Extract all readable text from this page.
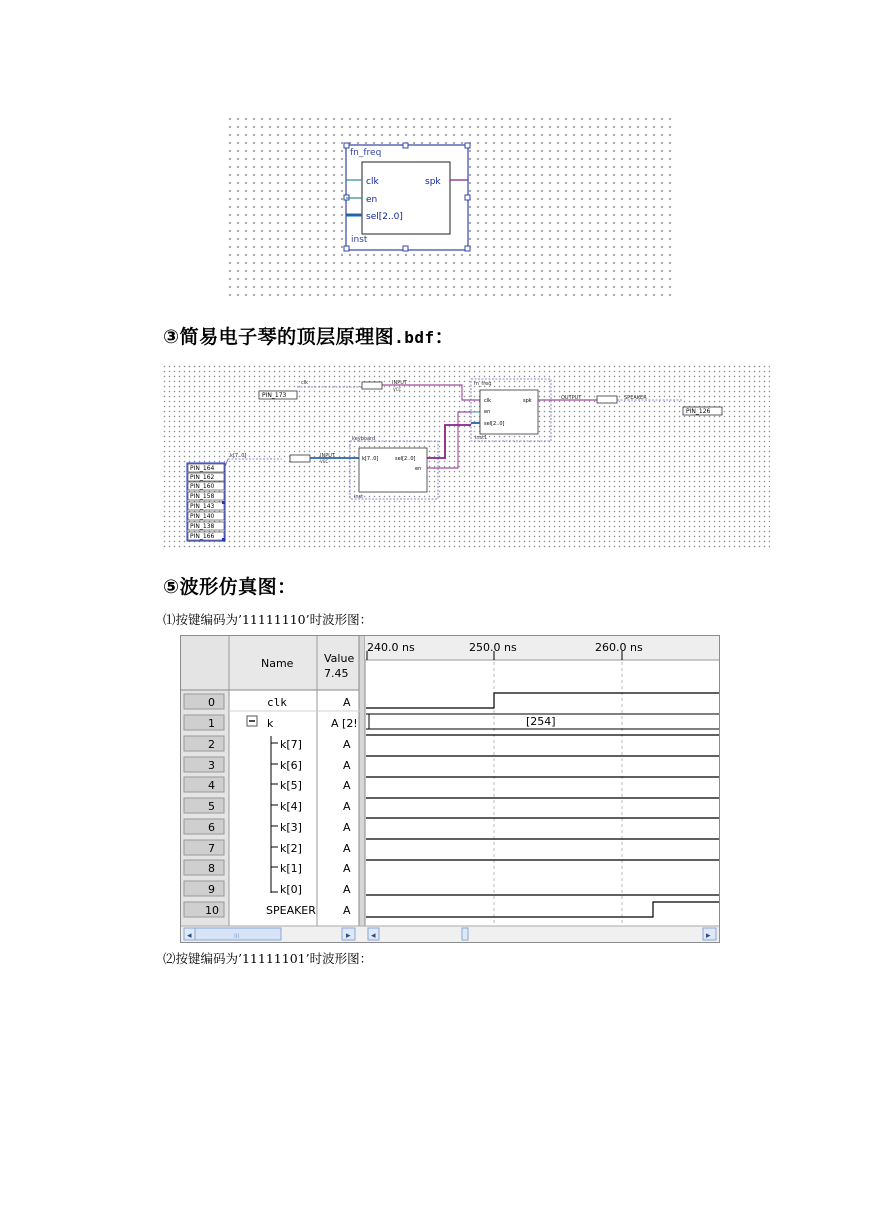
fn_freq
clk
en
sel[2..0]
spk
inst
③简易电子琴的顶层原理图.bdf：
clk	INPUT
VCC
PIN_173
fn_freq
clk
en
sel[2..0]
spk
inst1
OUTPUT	SPEAKER
PIN_126
k[7..0]	INPUT
VCC
keyboard
k[7..0]	sel[2..0]
en
inst
PIN_164
PIN_162
PIN_160
PIN_158
PIN_143
PIN_140
PIN_138
PIN_166
⑤波形仿真图：
⑴按键编码为’11111110’时波形图：
◂	▸ ◂	▸
III
0	clk	A
1	k	A [2!	[254]
2	k[7]	A
3	k[6]	A
4	k[5]	A
5	k[4]	A
6	k[3]	A
7	k[2]	A
8	k[1]	A
9	k[0]	A
10	SPEAKER A
Name	Value
7.45
240.0 ns	250.0 ns	260.0 ns
⑵按键编码为’11111101’时波形图：
